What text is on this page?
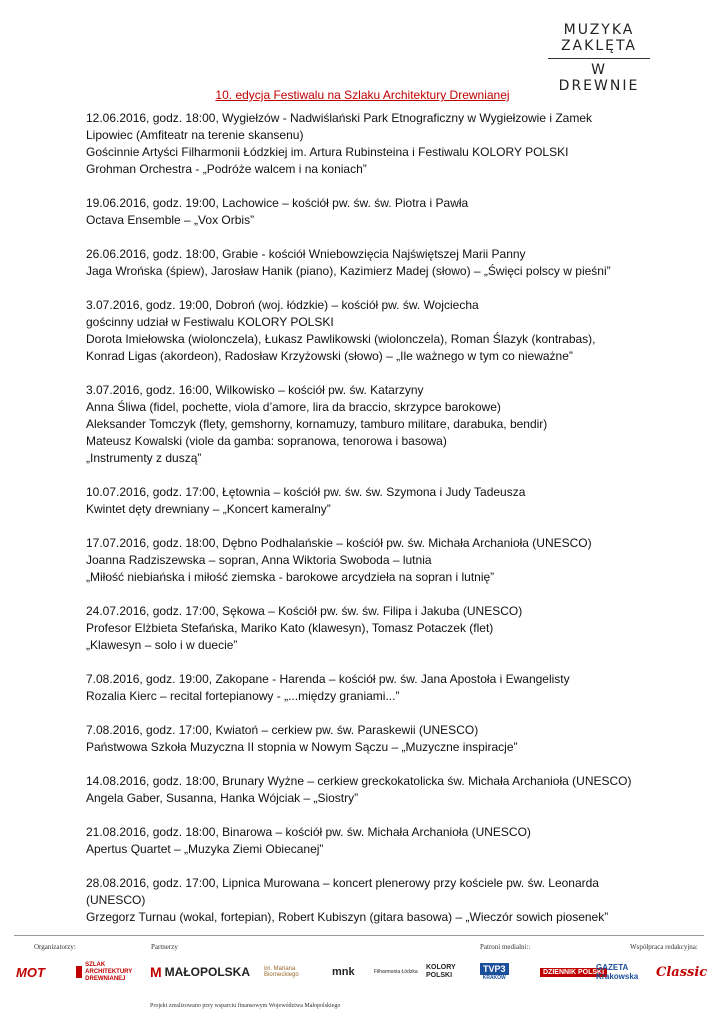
MUZYKA
ZAKLĘTA
W DREWNIE
10. edycja Festiwalu na Szlaku Architektury Drewnianej
12.06.2016, godz. 18:00, Wygiełzów - Nadwiślański Park Etnograficzny w Wygiełzowie i Zamek
Lipowiec (Amfiteatr na terenie skansenu)
Gościnnie Artyści Filharmonii Łódzkiej im. Artura Rubinsteina i Festiwalu KOLORY POLSKI
Grohman Orchestra - „Podróże walcem i na koniach”
19.06.2016, godz. 19:00, Lachowice – kościół pw. św. św. Piotra i Pawła
Octava Ensemble – „Vox Orbis”
26.06.2016, godz. 18:00, Grabie - kościół Wniebowzięcia Najświętszej Marii Panny
Jaga Wrońska (śpiew), Jarosław Hanik (piano), Kazimierz Madej (słowo) – „Święci polscy w pieśni”
3.07.2016, godz. 19:00, Dobroń (woj. łódzkie) – kościół pw. św. Wojciecha
gościnny udział w Festiwalu KOLORY POLSKI
Dorota Imiełowska (wiolonczela), Łukasz Pawlikowski (wiolonczela), Roman Ślazyk (kontrabas),
Konrad Ligas (akordeon), Radosław Krzyżowski (słowo) – „Ile ważnego w tym co nieważne”
3.07.2016, godz. 16:00, Wilkowisko – kościół pw. św. Katarzyny
Anna Śliwa (fidel, pochette, viola d’amore, lira da braccio, skrzypce barokowe)
Aleksander Tomczyk (flety, gemshorny, kornamuzy, tamburo militare, darabuka, bendir)
Mateusz Kowalski (viole da gamba: sopranowa, tenorowa i basowa)
„Instrumenty z duszą”
10.07.2016, godz. 17:00, Łętownia – kościół pw. św. św. Szymona i Judy Tadeusza
Kwintet dęty drewniany – „Koncert kameralny”
17.07.2016, godz. 18:00, Dębno Podhalańskie – kościół pw. św. Michała Archanioła (UNESCO)
Joanna Radziszewska – sopran, Anna Wiktoria Swoboda – lutnia
„Miłość niebiańska i miłość ziemska - barokowe arcydzieła na sopran i lutnię”
24.07.2016, godz. 17:00, Sękowa – Kościół pw. św. św. Filipa i Jakuba (UNESCO)
Profesor Elżbieta Stefańska, Mariko Kato (klawesyn), Tomasz Potaczek (flet)
„Klawesyn – solo i w duecie”
7.08.2016, godz. 19:00, Zakopane - Harenda – kościół pw. św. Jana Apostoła i Ewangelisty
Rozalia Kierc – recital fortepianowy - „...między graniami...”
7.08.2016, godz. 17:00, Kwiatoń – cerkiew pw. św. Paraskewii (UNESCO)
Państwowa Szkoła Muzyczna II stopnia w Nowym Sączu – „Muzyczne inspiracje”
14.08.2016, godz. 18:00, Brunary Wyżne – cerkiew greckokatolicka św. Michała Archanioła (UNESCO)
Angela Gaber, Susanna, Hanka Wójciak – „Siostry”
21.08.2016, godz. 18:00, Binarowa – kościół pw. św. Michała Archanioła (UNESCO)
Apertus Quartet – „Muzyka Ziemi Obiecanej”
28.08.2016, godz. 17:00, Lipnica Murowana – koncert plenerowy przy kościele pw. św. Leonarda
(UNESCO)
Grzegorz Turnau (wokal, fortepian), Robert Kubiszyn (gitara basowa) – „Wieczór sowich piosenek”
Organizatorzy:	Partnerzy	Patroni medialni::	Współpraca redakcyjna:
MOT	SZLAK ARCHITEKTURY DREWNIANEJ	M MAŁOPOLSKA im. Mariana Biorneckiego	mnk	Filharmonia Łódzka
KOLORY POLSKI
TVP3
KRAKÓW
DZIENNIK POLSKI
GAZETA Krakowska	Classic
Projekt zrealizowano przy wsparciu finansowym Województwa Małopolskiego
